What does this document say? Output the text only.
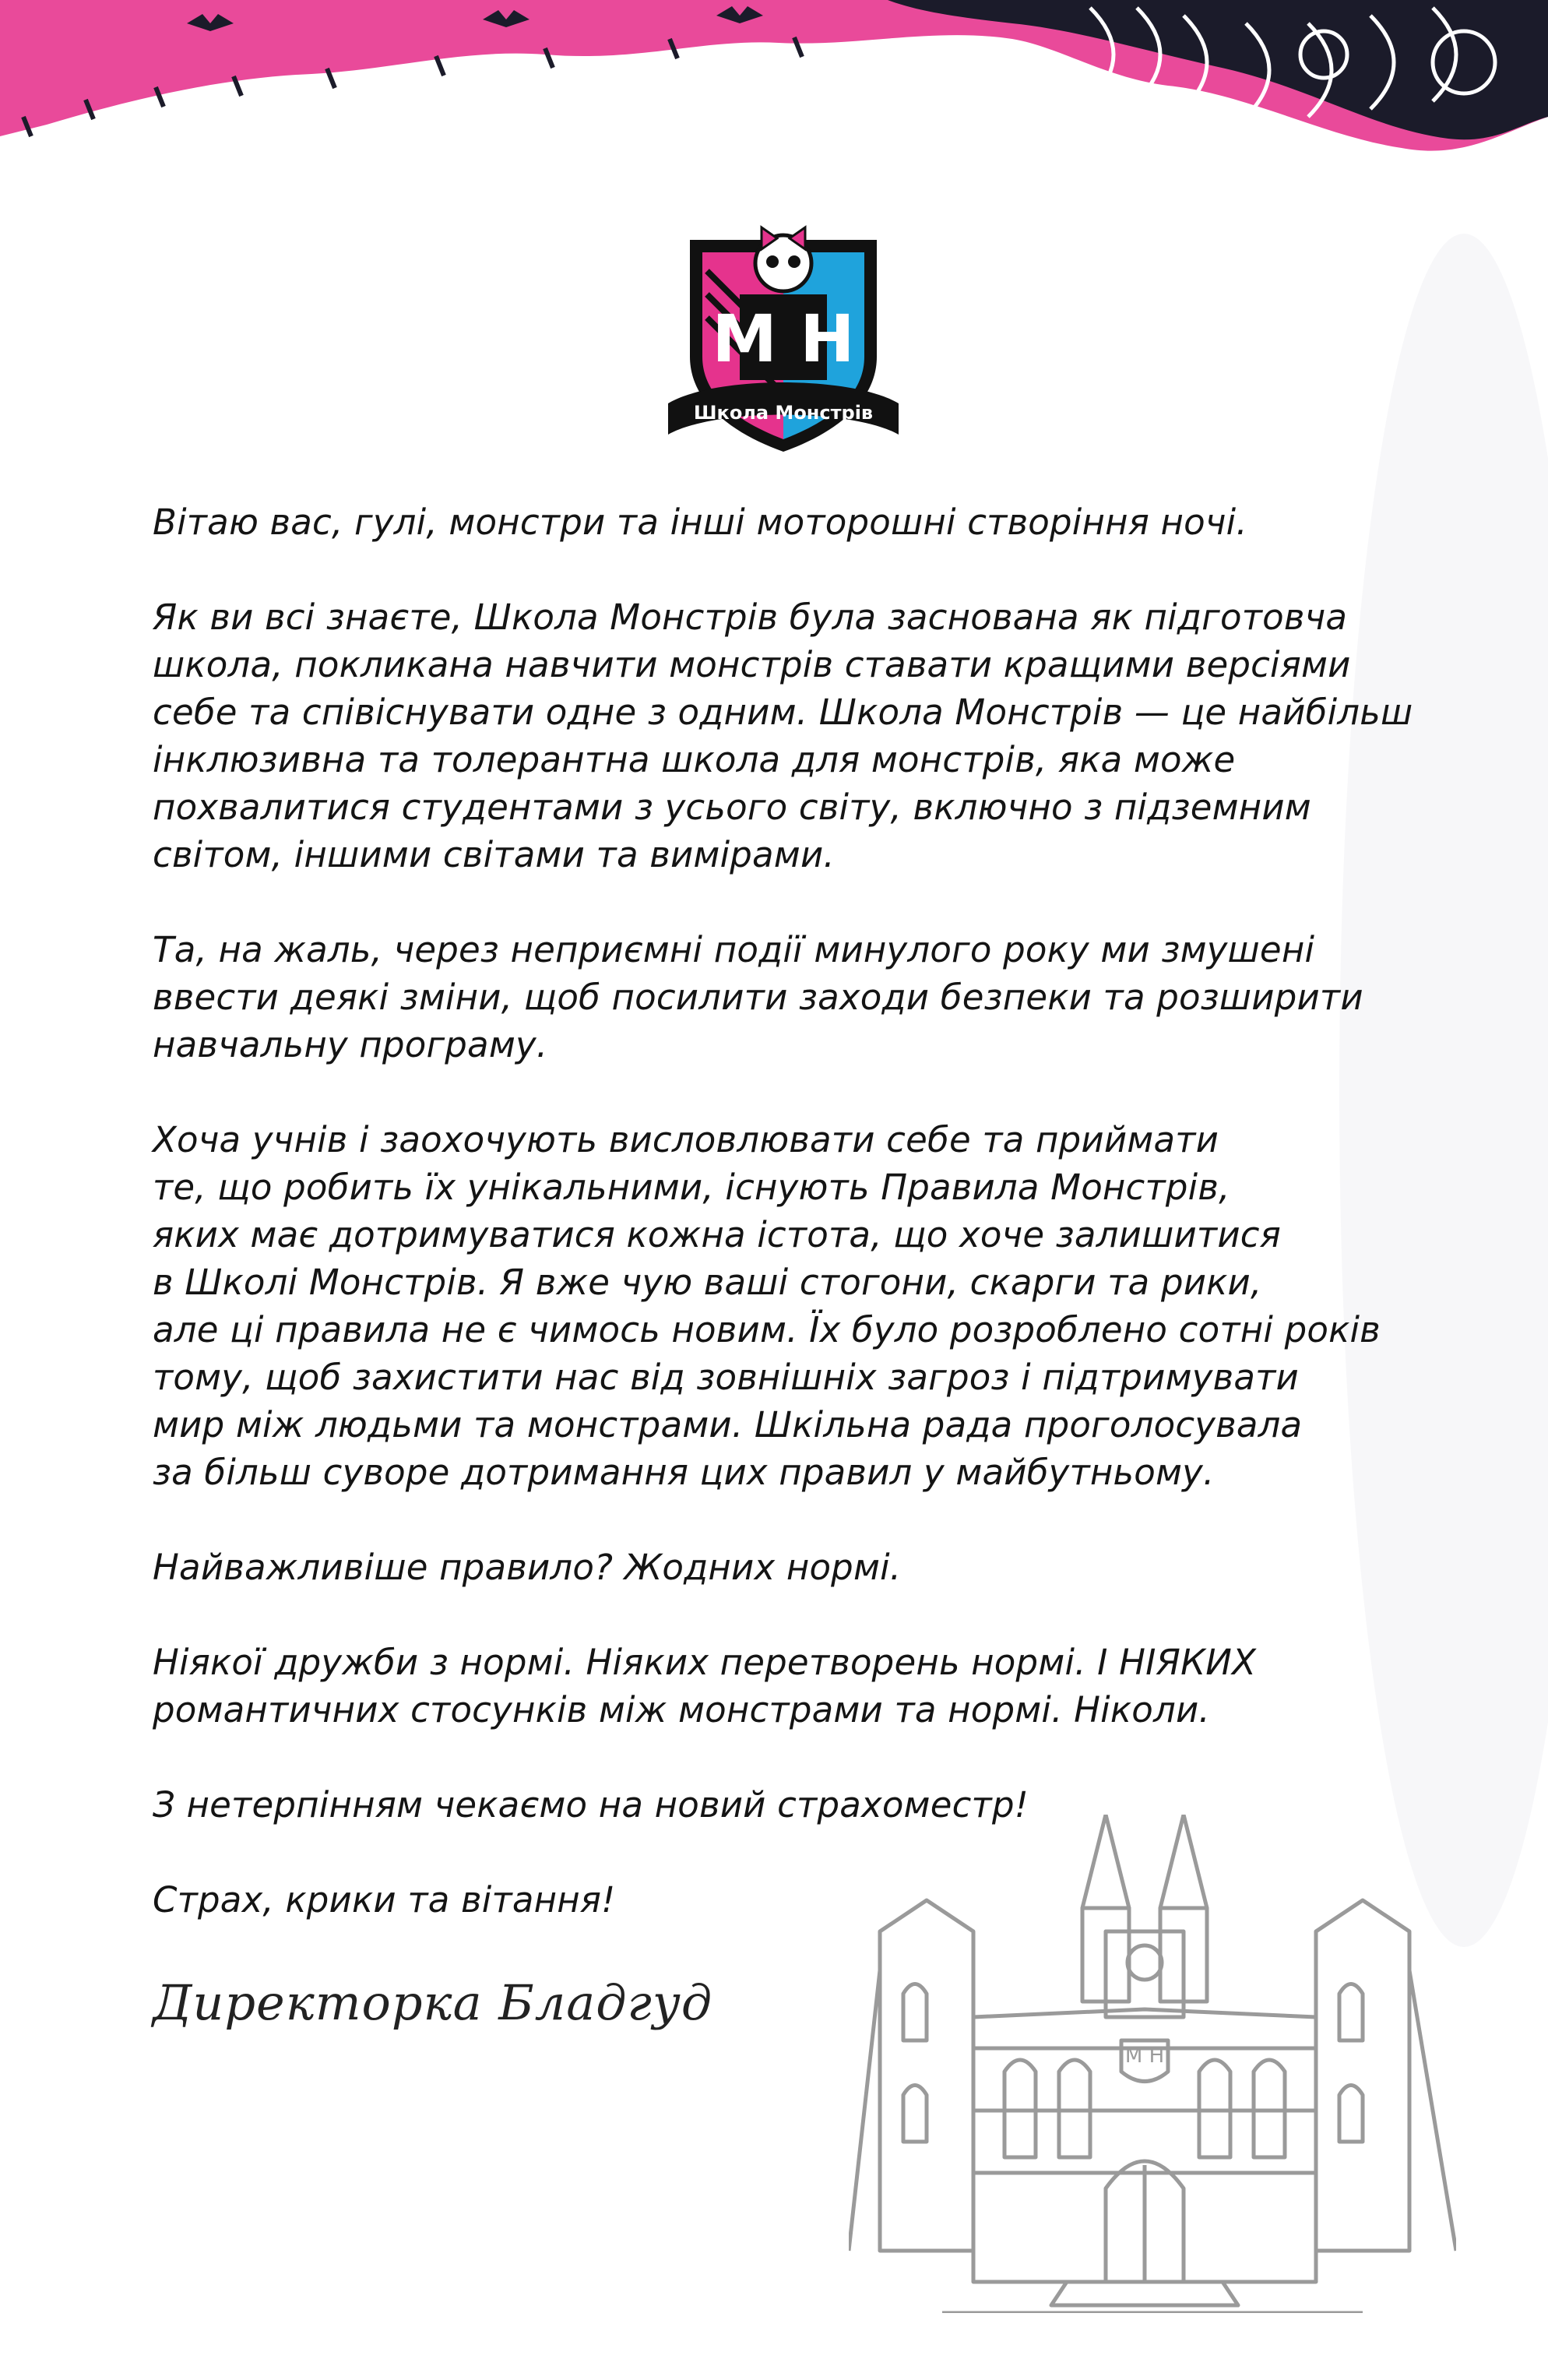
M H
Школа Монстрів

Вітаю вас, гулі, монстри та інші моторошні створіння ночі.

Як ви всі знаєте, Школа Монстрів була заснована як підготовча
школа, покликана навчити монстрів ставати кращими версіями
себе та співіснувати одне з одним. Школа Монстрів — це найбільш
інклюзивна та толерантна школа для монстрів, яка може
похвалитися студентами з усього світу, включно з підземним
світом, іншими світами та вимірами.

Та, на жаль, через неприємні події минулого року ми змушені
ввести деякі зміни, щоб посилити заходи безпеки та розширити
навчальну програму.

Хоча учнів і заохочують висловлювати себе та приймати
те, що робить їх унікальними, існують Правила Монстрів,
яких має дотримуватися кожна істота, що хоче залишитися
в Школі Монстрів. Я вже чую ваші стогони, скарги та рики,
але ці правила не є чимось новим. Їх було розроблено сотні років
тому, щоб захистити нас від зовнішніх загроз і підтримувати
мир між людьми та монстрами. Шкільна рада проголосувала
за більш суворе дотримання цих правил у майбутньому.

Найважливіше правило? Жодних нормі.

Ніякої дружби з нормі. Ніяких перетворень нормі. І НІЯКИХ
романтичних стосунків між монстрами та нормі. Ніколи.

З нетерпінням чекаємо на новий страхоместр!

Страх, крики та вітання!

Директорка Бладгуд
M H
